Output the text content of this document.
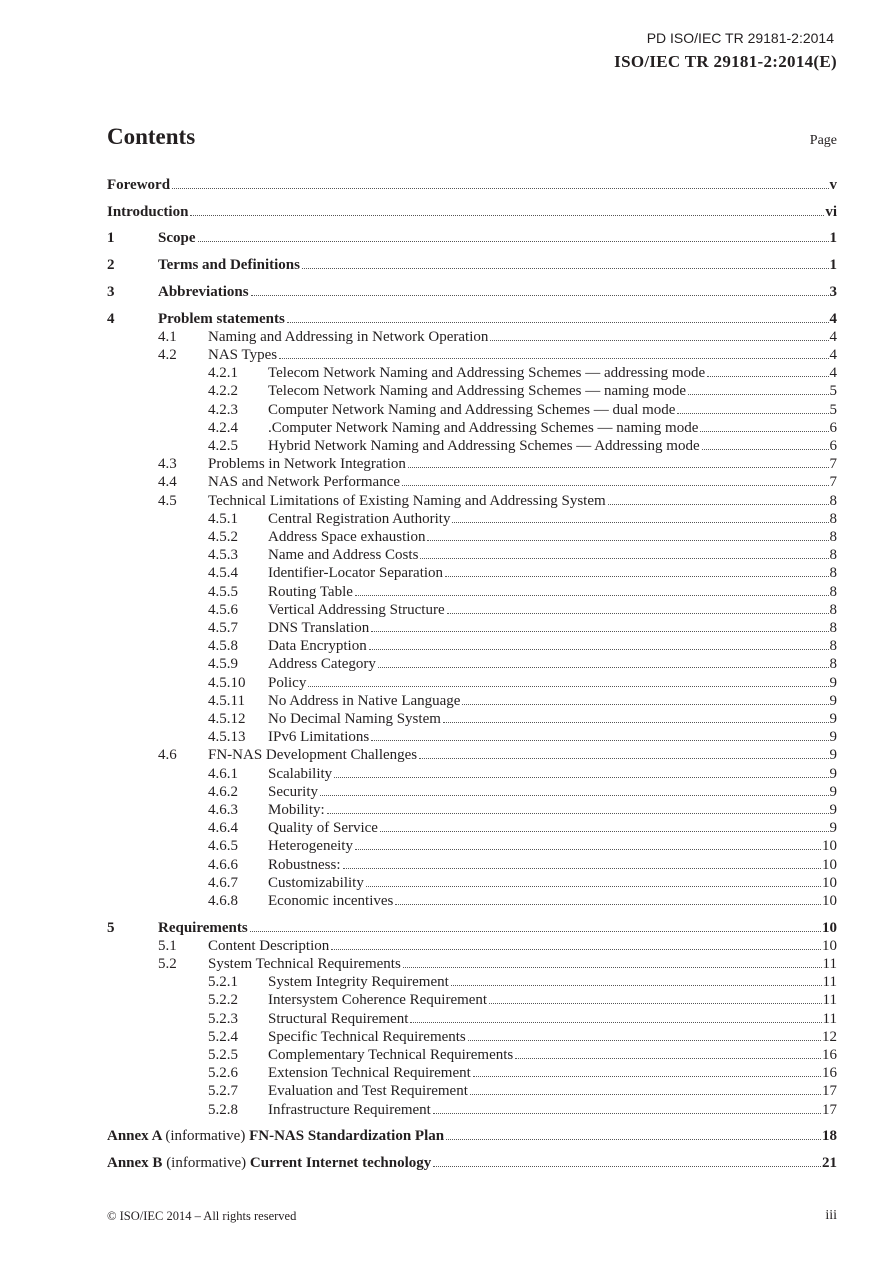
PD ISO/IEC TR 29181-2:2014
ISO/IEC TR 29181-2:2014(E)
Contents	Page
Foreword	v
Introduction	vi
1	Scope	1
2	Terms and Definitions	1
3	Abbreviations	3
4	Problem statements	4
4.1	Naming and Addressing in Network Operation	4
4.2	NAS Types	4
4.2.1	Telecom Network Naming and Addressing Schemes — addressing mode	4
4.2.2	Telecom Network Naming and Addressing Schemes — naming mode	5
4.2.3	Computer Network Naming and Addressing Schemes — dual mode	5
4.2.4	.Computer Network Naming and Addressing Schemes — naming mode	6
4.2.5	Hybrid Network Naming and Addressing Schemes — Addressing mode	6
4.3	Problems in Network Integration	7
4.4	NAS and Network Performance	7
4.5	Technical Limitations of Existing Naming and Addressing System	8
4.5.1	Central Registration Authority	8
4.5.2	Address Space exhaustion	8
4.5.3	Name and Address Costs	8
4.5.4	Identifier-Locator Separation	8
4.5.5	Routing Table	8
4.5.6	Vertical Addressing Structure	8
4.5.7	DNS Translation	8
4.5.8	Data Encryption	8
4.5.9	Address Category	8
4.5.10	Policy	9
4.5.11	No Address in Native Language	9
4.5.12	No Decimal Naming System	9
4.5.13	IPv6 Limitations	9
4.6	FN-NAS Development Challenges	9
4.6.1	Scalability	9
4.6.2	Security	9
4.6.3	Mobility:	9
4.6.4	Quality of Service	9
4.6.5	Heterogeneity	10
4.6.6	Robustness:	10
4.6.7	Customizability	10
4.6.8	Economic incentives	10
5	Requirements	10
5.1	Content Description	10
5.2	System Technical Requirements	11
5.2.1	System Integrity Requirement	11
5.2.2	Intersystem Coherence Requirement	11
5.2.3	Structural Requirement	11
5.2.4	Specific Technical Requirements	12
5.2.5	Complementary Technical Requirements	16
5.2.6	Extension Technical Requirement	16
5.2.7	Evaluation and Test Requirement	17
5.2.8	Infrastructure Requirement	17
Annex A (informative) FN-NAS Standardization Plan	18
Annex B (informative) Current Internet technology	21
© ISO/IEC 2014 – All rights reserved	iii
